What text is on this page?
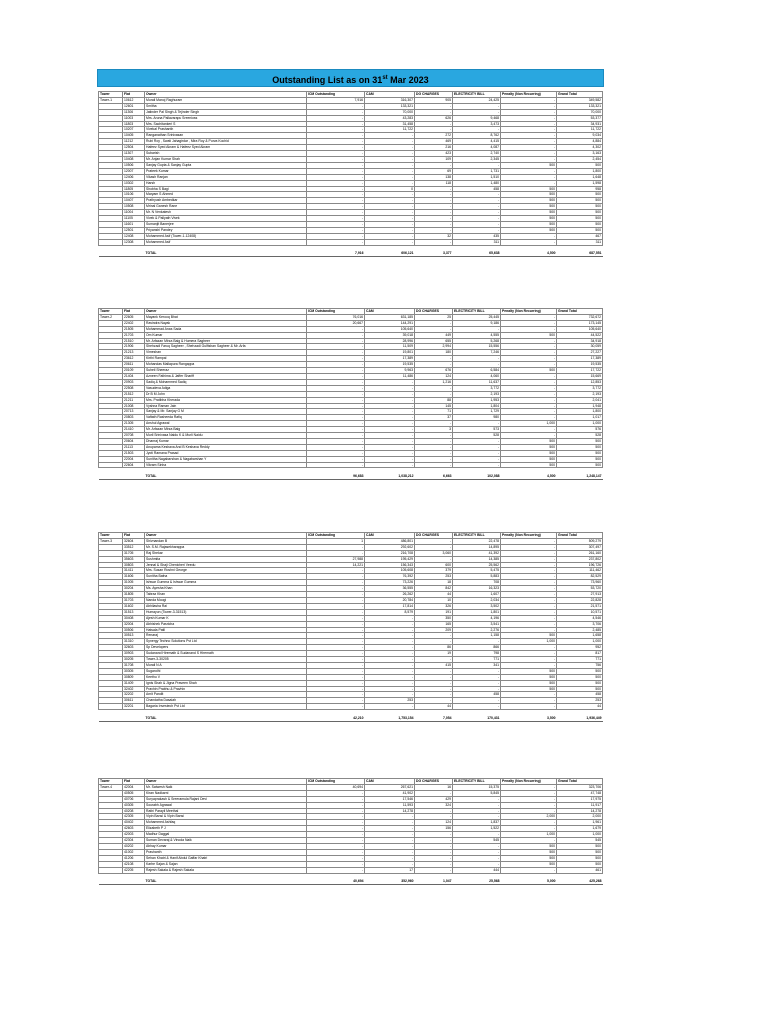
Outstanding List as on 31st Mar 2023
Tower	Flat	Owner	ICM Outstanding	CAM	DG CHARGES	ELECTRICITY BILL	Penalty (Non Recurring)	Grand Total
Tower-1	10612	Murali Manoj Raghuram	7,916	316,307	905	24,425	-	349,582
	12601	Smitha	-	133,321	-	-	-	133,321
	11306	Jatinder Pal Singh & Tejinder Singh	-	70,000	-	-	-	70,000
	11003	Mrs. Aruna Pallavarapu Sreenivas	-	43,283	626	9,468	-	53,377
	11803	Mrs. Sachitankeri S	-	31,458	-	3,473	-	34,931
	10207	Vivekal Prashanth	-	11,722	-	-	-	11,722
	10405	Ranganathan Srinivasan	-	-	272	8,762	-	9,034
	11212	Rubi Roy , Swati Jahagirdar , Mira Roy & Purva Kochid	-	-	469	4,415	-	4,884
	12504	Hafeez Syed Akram & Hafeez Syed Akram	-	-	216	4,087	-	4,302
	11307	Subarish	-	-	423	2,740	-	3,163
	10408	Mr. Anjan Kumar Shah	-	-	109	2,345	-	2,454
	10506	Sanjay Gupta & Sanjay Gupta	-	-	-	-	500	500
	12007	Prateek Kumar	-	-	69	1,731	-	1,800
	12406	Vikash Ranjan	-	-	138	1,510	-	1,648
	10302	Harsh	-	-	118	1,480	-	1,598
	11805	Shobha S Bagi	-	0	-	458	500	958
	10106	Maryam S Ahmed	-	-	-	-	500	500
	10407	Prathyush Ambedkar	-	-	-	-	500	500
	10508	Mrinal Ganesh Rane	-	-	-	-	500	500
	11004	Mr. N Venkatesh	-	-	-	-	500	500
	11105	Vivek & Pallyath Vivek	-	-	-	-	500	500
	11601	Sumanjit Banerjee	-	-	-	-	500	500
	12501	Priyanshi Pandey	-	-	-	-	500	500
	12408	Mohammed Asif (Tower-1-12408)	-	-	32	435	-	467
	12308	Mohammed Asif	-	-	-	311	-	311

		TOTAL	7,916	606,121	3,377	65,638	4,500	687,551
Tower	Flat	Owner	ICM Outstanding	CAM	DG CHARGES	ELECTRICITY BILL	Penalty (Non Recurring)	Grand Total
Tower-2	22605	Mayank Kerooq Bhat	76,016	631,185	25	25,445	-	732,672
	22402	Ravindra Nayak	20,667	144,291	-	9,186	-	173,145
	21505	Mohammad Anas Sada	-	105,640	-	-	-	105,640
	21703	Om Kumar	-	39,018	449	4,555	500	44,522
	21510	Mr. Arfazan Mirza Baig & Humera Sagheer	-	28,996	655	5,268	-	34,918
	21906	Shehzadi Faruq Sagheer , Shehzadi Gulfishan Sagheer & Mr. Arfa	-	11,509	2,994	15,556	-	30,059
	21213	Vimeshan	-	19,801	180	7,246	-	27,227
	23612	Kirthi Rampal	-	17,389	-	-	-	17,389
	20611	Mohandas Mallapura Rangappa	-	19,535	-	-	-	19,535
	20109	Suheil Sheeraz	-	9,963	676	6,584	500	17,722
	21404	Azneen Fathima & Jaffer Shariff	-	11,486	124	4,060	-	15,669
	20903	Sadiq & Mohammed Sadiq	-	-	1,216	11,637	-	12,853
	22508	Vasudeva Adiga	-	-	-	3,772	-	3,772
	21512	Dr B M John	-	-	-	2,193	-	2,193
	21211	Mrs. Pratibha Kherada	-	-	88	1,953	-	2,041
	21008	Vyshna Raman Jain	-	-	145	1,804	-	1,948
	20713	Sanjay & Mr. Sanjay G M	-	-	71	1,729	-	1,800
	20803	Vaftath Rasheeda Rafiq	-	-	37	980	-	1,017
	21305	Anshul Agrawal	-	-	-	-	1,000	1,000
	21410	Mr. Arfazan Mirza Baig	-	-	3	573	-	576
	20708	Murli Srinivasa Naidu K & Murli Naidu	-	-	-	528	-	528
	20604	Dhanraj Kumar	-	-	-	-	500	500
	21113	Anupama Keshava And B Keshava Reddy	-	-	-	-	500	500
	21503	Jyoti Ramana Prasad	-	-	-	-	500	500
	22004	Sunitha Nagabarshan & Nagabarshan Y	-	-	-	-	500	500
	22604	Vikram Sinha	-	-	-	-	500	500

		TOTAL	96,683	1,038,212	6,663	102,088	4,500	1,248,147
Tower	Flat	Owner	ICM Outstanding	CAM	DG CHARGES	ELECTRICITY BILL	Penalty (Non Recurring)	Grand Total
Tower-3	32604	Shivnandan B	1	486,801	-	22,478	-	509,279
	33512	Mr. S.M. Rajasekharappa	-	292,602	-	14,895	-	307,497
	31705	Raj Shekar	-	216,708	3,060	41,392	-	261,160
	35603	Sushmita	27,988	195,429	-	14,385	-	237,802
	30803	Jennal & Shaji Chenicheri Veedu	14,221	156,343	600	25,562	-	196,726
	31411	Mrs. Susan Roshni George	-	105,608	379	5,475	-	111,462
	31606	Sunitha Bafna	-	76,392	253	5,883	-	82,529
	31005	Ishwar Gumma & Ishwar Gumma	-	73,226	18	708	-	73,960
	30204	Ms. Ayesha Khan	-	36,555	842	16,323	-	53,720
	31805	Tabraz Khan	-	26,262	44	1,607	-	27,913
	31703	Nanda Moogi	-	20,784	10	2,034	-	22,828
	31602	Abhilasha Rai	-	17,814	326	3,502	-	21,571
	31513	Humayun (Tower-3-31513)	-	8,579	191	1,801	-	10,571
	30408	Ajesh Kumar K	-	-	350	4,196	-	4,546
	32004	Abhishek Pasricha	-	-	165	3,541	-	3,706
	30506	Hatsala Patil	-	-	209	2,276	-	2,485
	30513	Renaraj	-	-	-	1,158	500	1,658
	31310	Synergy Techno Solutions Pvt Ltd	-	-	-	-	1,000	1,000
	32603	Sp Developers	-	-	86	866	-	952
	30903	Sudanand Hiremath & Sudanand S Hiremath	-	-	19	798	-	817
	30205	Tower-3-30205	-	-	-	771	-	771
	31708	Murali N A	-	-	415	341	-	756
	30305	Sugandhi	-	-	-	-	500	500
	30809	Keethu V	-	-	-	-	500	500
	31409	Ignis Shah & Jigna Praveen Shah	-	-	-	-	500	500
	32402	Pravhin Prabhu & Pravhin	-	-	-	-	500	500
	32202	Amit Pandit	-	-	-	458	-	458
	30611	Chandatha Dasaiah	-	253	-	-	-	253
	32201	Bagaria Investech Pvt Ltd	-	-	44	-	-	44

		TOTAL	42,210	1,753,154	7,054	170,431	3,500	1,936,449
Tower	Flat	Owner	ICM Outstanding	CAM	DG CHARGES	ELECTRICITY BILL	Penalty (Non Recurring)	Grand Total
Tower-4	42004	Mr. Satwesh Naik	40,694	267,621	16	15,375	-	323,706
	40505	Kiran Nadkarni	-	41,902	-	5,845	-	47,748
	40706	Suryaprakash & Sreeramula Rajani Devi	-	17,546	429	-	-	17,975
	40305	Sourabh Agrawal	-	11,593	324	-	-	11,917
	40208	Rathi Parayil Meethal	-	14,278	-	-	-	14,278
	42305	Vipin Bansi & Vipin Bansi	-	-	-	-	2,000	2,000
	40402	Mohammed Ashfaq	-	-	124	1,837	-	1,961
	42603	Elizabeth P J	-	-	156	1,522	-	1,679
	42003	Madhur Daggal	-	-	-	-	1,000	1,000
	42304	Suman Devaraj & Vinoda Naik	-	-	-	545	-	545
	40202	Abhay Kumar	-	-	-	-	500	500
	41002	Prashanth	-	-	-	-	500	500
	41206	Sehan Khatri & Hanif Abdul Gaffar Khatri	-	-	-	-	500	500
	42108	Karhe Sajan & Sajan	-	-	-	-	500	500
	42205	Rajesh Sakala & Rajesh Sakala	-	17	-	444	-	461

		TOTAL	40,694	352,960	1,047	25,568	5,000	425,268
